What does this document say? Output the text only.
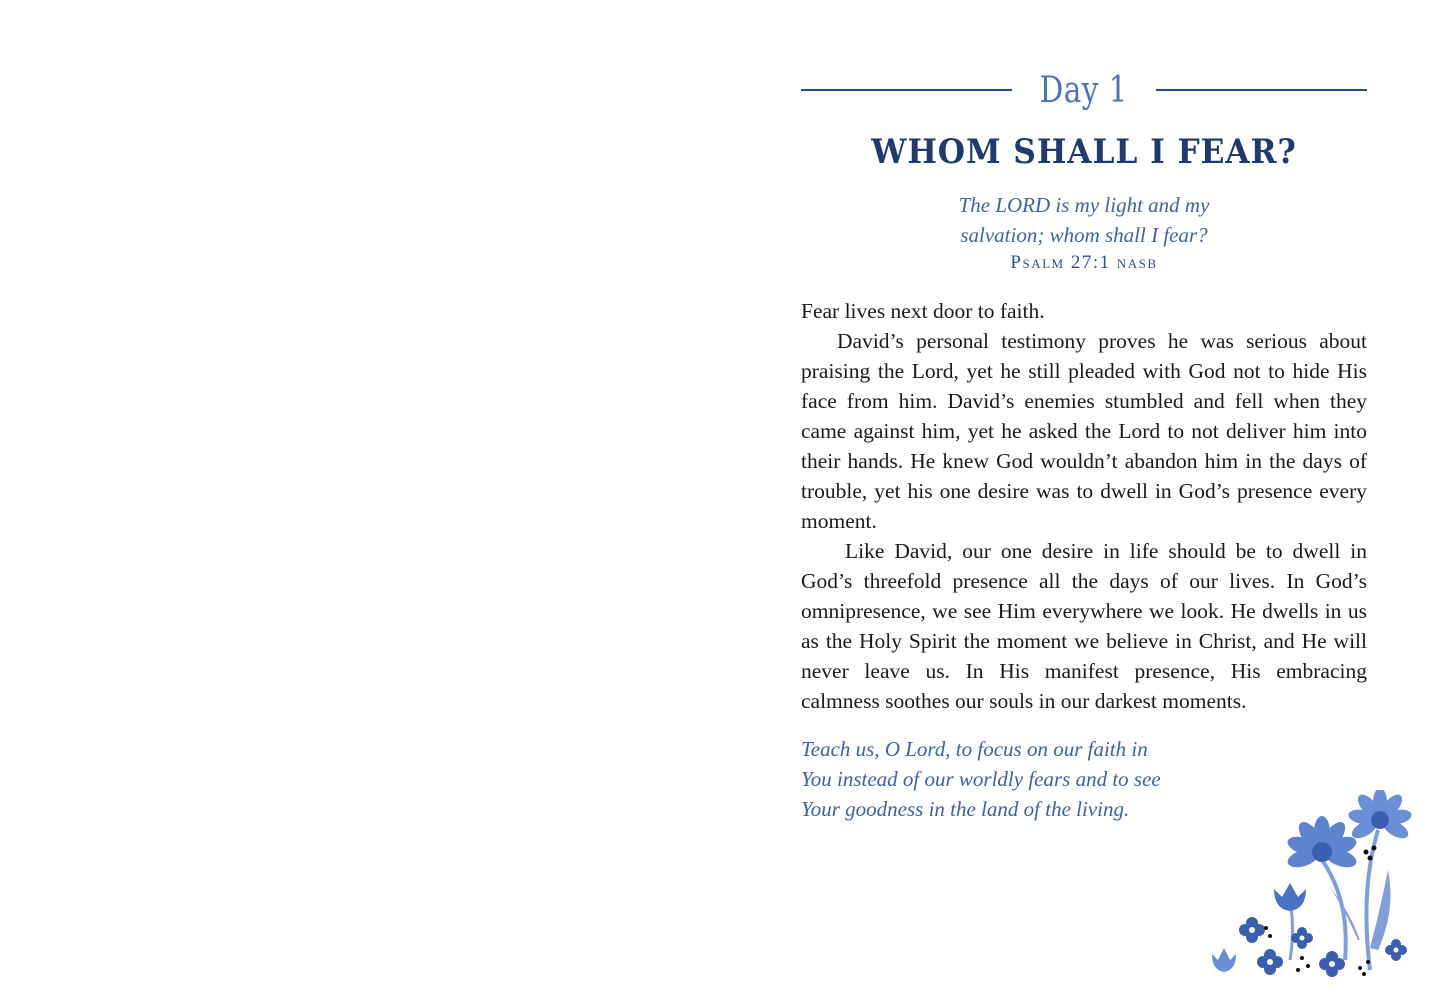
Day 1
WHOM SHALL I FEAR?
The LORD is my light and my
salvation; whom shall I fear?
Psalm 27:1 nasb

Fear lives next door to faith.

David’s personal testimony proves he was serious about praising the Lord, yet he still pleaded with God not to hide His face from him. David’s enemies stumbled and fell when they came against him, yet he asked the Lord to not deliver him into their hands. He knew God wouldn’t abandon him in the days of trouble, yet his one desire was to dwell in God’s presence every moment.

Like David, our one desire in life should be to dwell in God’s threefold presence all the days of our lives. In God’s omnipresence, we see Him everywhere we look. He dwells in us as the Holy Spirit the moment we believe in Christ, and He will never leave us. In His manifest presence, His embracing calmness soothes our souls in our darkest moments.

Teach us, O Lord, to focus on our faith in
You instead of our worldly fears and to see
Your goodness in the land of the living.
